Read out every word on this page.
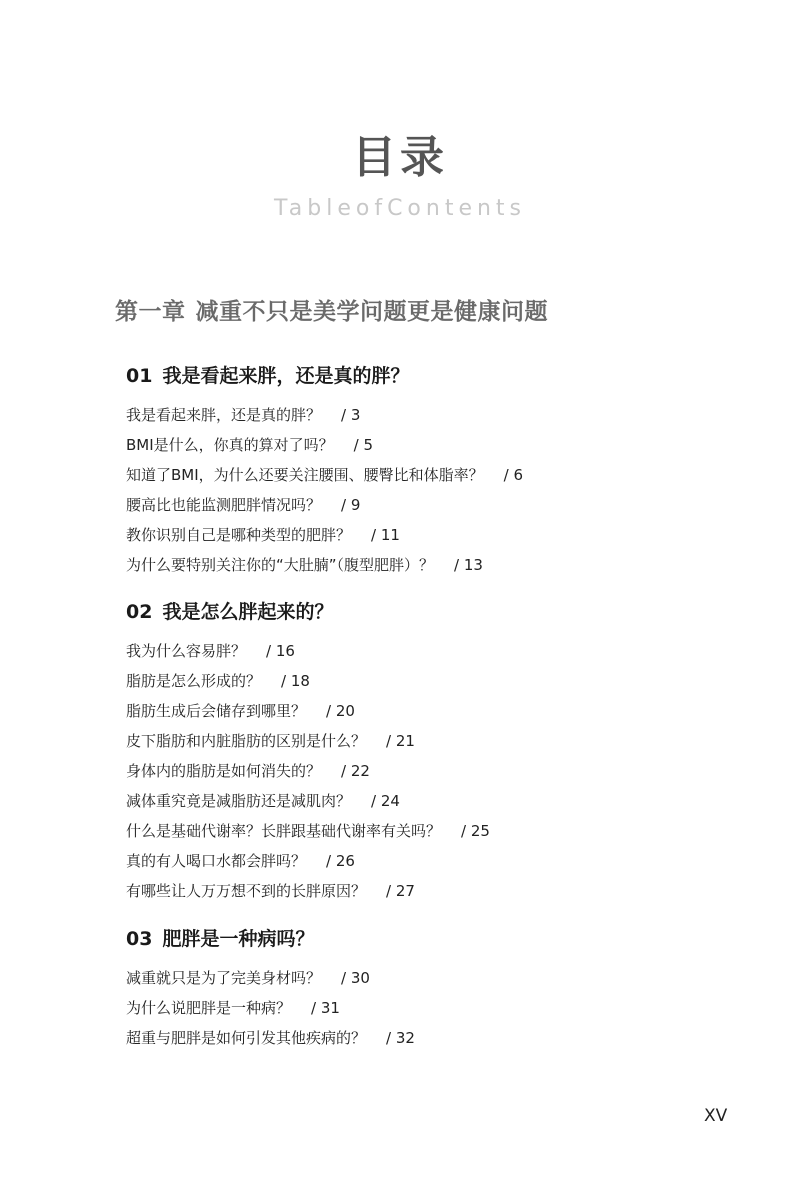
目录
TableofContents
第一章 减重不只是美学问题更是健康问题
01 我是看起来胖，还是真的胖？
我是看起来胖，还是真的胖？ / 3
BMI是什么，你真的算对了吗？ / 5
知道了BMI，为什么还要关注腰围、腰臀比和体脂率？ / 6
腰高比也能监测肥胖情况吗？ / 9
教你识别自己是哪种类型的肥胖？ / 11
为什么要特别关注你的“大肚腩”（腹型肥胖）？ / 13
02 我是怎么胖起来的？
我为什么容易胖？ / 16
脂肪是怎么形成的？ / 18
脂肪生成后会储存到哪里？ / 20
皮下脂肪和内脏脂肪的区别是什么？ / 21
身体内的脂肪是如何消失的？ / 22
减体重究竟是减脂肪还是减肌肉？ / 24
什么是基础代谢率？长胖跟基础代谢率有关吗？ / 25
真的有人喝口水都会胖吗？ / 26
有哪些让人万万想不到的长胖原因？ / 27
03 肥胖是一种病吗？
减重就只是为了完美身材吗？ / 30
为什么说肥胖是一种病？ / 31
超重与肥胖是如何引发其他疾病的？ / 32
XV
